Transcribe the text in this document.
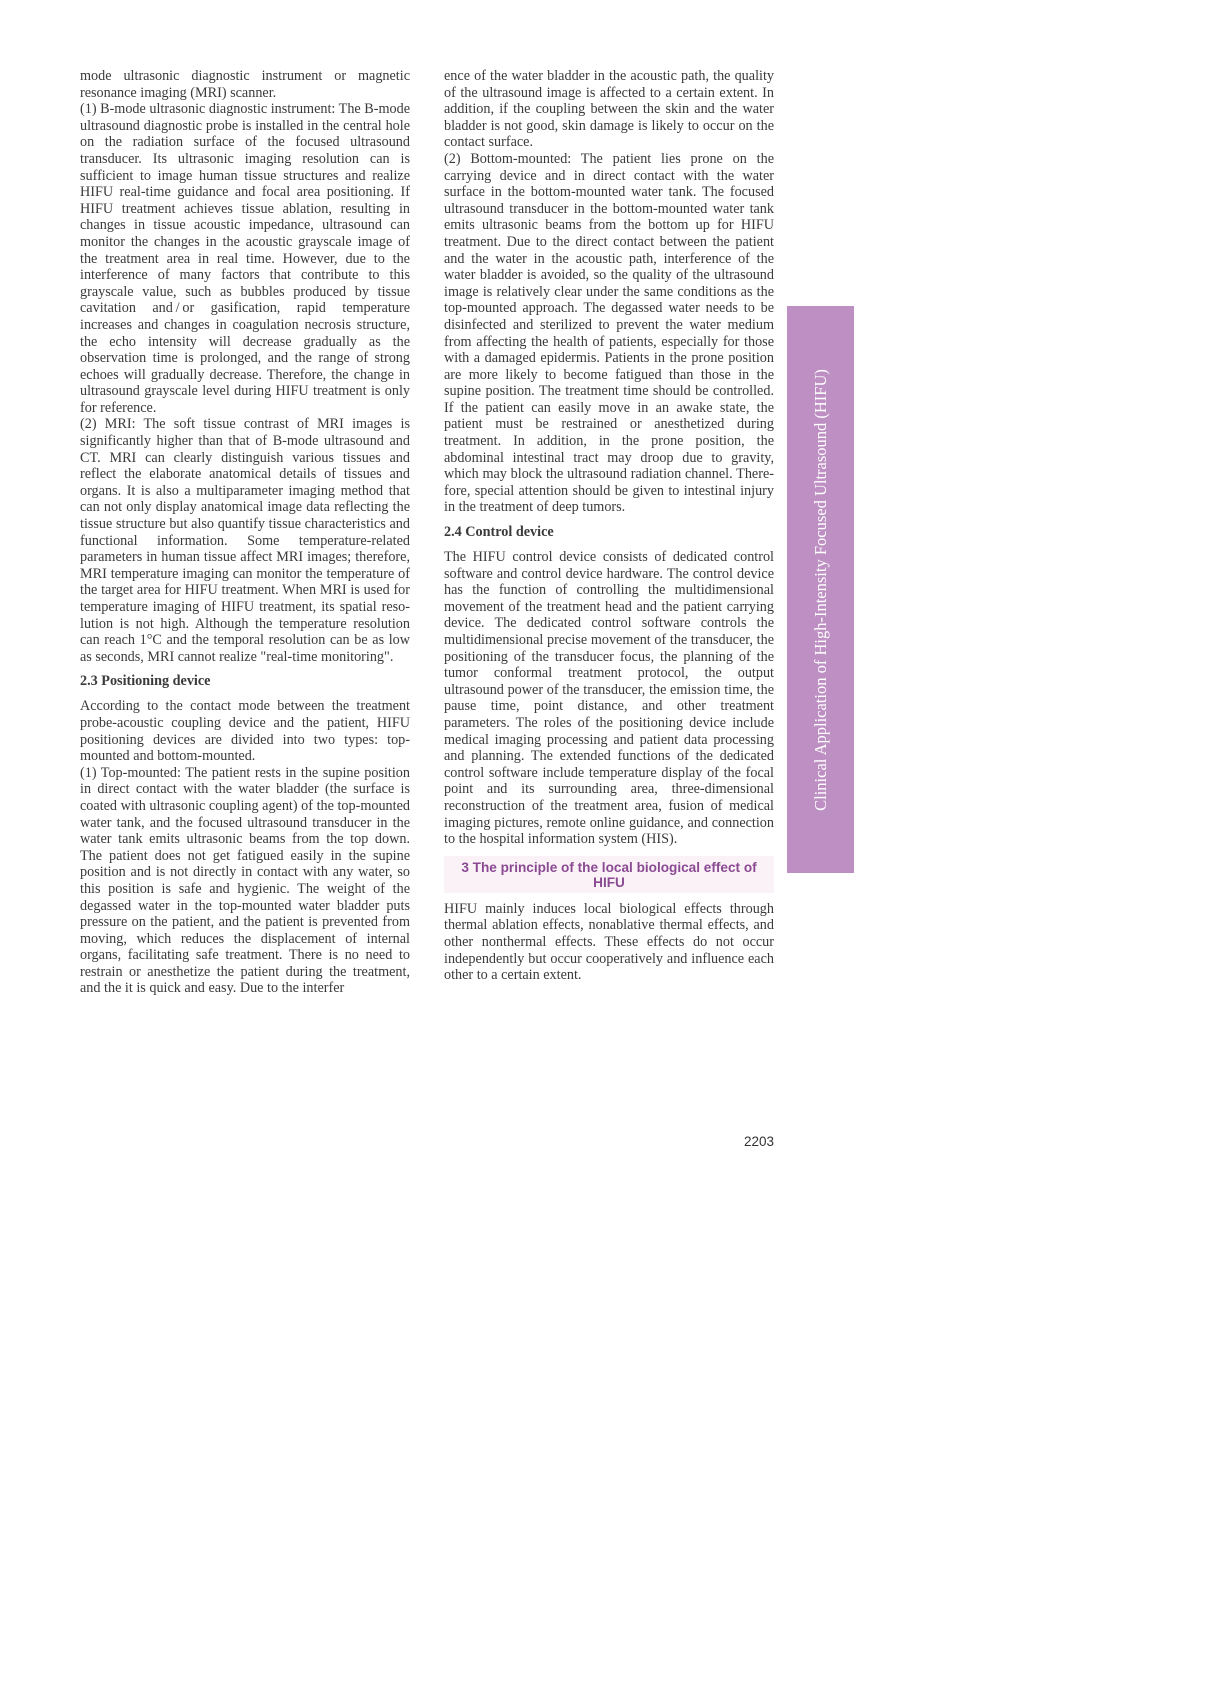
mode ultrasonic diagnostic instrument or magnetic resonance imaging (MRI) scanner.

(1) B-mode ultrasonic diagnostic instrument: The B-mode ultrasound diagnostic probe is installed in the central hole on the radiation surface of the focused ultrasound transducer. Its ultrasonic imaging resolution can is sufficient to image human tissue structures and realize HIFU real-time guidance and focal area positioning. If HIFU treatment achieves tissue ablation, resulting in changes in tissue acoustic impedance, ultrasound can monitor the changes in the acoustic grayscale image of the treatment area in real time. However, due to the interference of many factors that contribute to this grayscale value, such as bubbles produced by tissue cavitation and / or gasification, rapid temperature increases and changes in coagulation necrosis structure, the echo intensity will decrease gradually as the observation time is prolonged, and the range of strong echoes will gradually decrease. Therefore, the change in ultrasound grayscale level during HIFU treatment is only for reference.

(2) MRI: The soft tissue contrast of MRI images is significantly higher than that of B-mode ultrasound and CT. MRI can clearly distinguish various tissues and reflect the elaborate anatomical details of tissues and organs. It is also a multiparameter imaging method that can not only display anatomical image data reflecting the tissue structure but also quantify tissue characteristics and functional information. Some temperature-related parameters in human tissue affect MRI images; therefore, MRI temperature imaging can monitor the temperature of the target area for HIFU treatment. When MRI is used for temperature imaging of HIFU treatment, its spatial resolution is not high. Although the temperature resolution can reach 1°C and the temporal resolution can be as low as seconds, MRI cannot realize "real-time monitoring".

2.3 Positioning device

According to the contact mode between the treatment probe-acoustic coupling device and the patient, HIFU positioning devices are divided into two types: top-mounted and bottom-mounted.

(1) Top-mounted: The patient rests in the supine position in direct contact with the water bladder (the surface is coated with ultrasonic coupling agent) of the top-mounted water tank, and the focused ultrasound transducer in the water tank emits ultrasonic beams from the top down. The patient does not get fatigued easily in the supine position and is not directly in contact with any water, so this position is safe and hygienic. The weight of the degassed water in the top-mounted water bladder puts pressure on the patient, and the patient is prevented from moving, which reduces the displacement of internal organs, facilitating safe treatment. There is no need to restrain or anesthetize the patient during the treatment, and the it is quick and easy. Due to the interfer

ence of the water bladder in the acoustic path, the quality of the ultrasound image is affected to a certain extent. In addition, if the coupling between the skin and the water bladder is not good, skin damage is likely to occur on the contact surface.

(2) Bottom-mounted: The patient lies prone on the carrying device and in direct contact with the water surface in the bottom-mounted water tank. The focused ultrasound transducer in the bottom-mounted water tank emits ultrasonic beams from the bottom up for HIFU treatment. Due to the direct contact between the patient and the water in the acoustic path, interference of the water bladder is avoided, so the quality of the ultrasound image is relatively clear under the same conditions as the top-mounted approach. The degassed water needs to be disinfected and sterilized to prevent the water medium from affecting the health of patients, especially for those with a damaged epidermis. Patients in the prone position are more likely to become fatigued than those in the supine position. The treatment time should be controlled. If the patient can easily move in an awake state, the patient must be restrained or anesthetized during treatment. In addition, in the prone position, the abdominal intestinal tract may droop due to gravity, which may block the ultrasound radiation channel. Therefore, special attention should be given to intestinal injury in the treatment of deep tumors.

2.4 Control device

The HIFU control device consists of dedicated control software and control device hardware. The control device has the function of controlling the multidimensional movement of the treatment head and the patient carrying device. The dedicated control software controls the multidimensional precise movement of the transducer, the positioning of the transducer focus, the planning of the tumor conformal treatment protocol, the output ultrasound power of the transducer, the emission time, the pause time, point distance, and other treatment parameters. The roles of the positioning device include medical imaging processing and patient data processing and planning. The extended functions of the dedicated control software include temperature display of the focal point and its surrounding area, three-dimensional reconstruction of the treatment area, fusion of medical imaging pictures, remote online guidance, and connection to the hospital information system (HIS).

3 The principle of the local biological effect of HIFU

HIFU mainly induces local biological effects through thermal ablation effects, nonablative thermal effects, and other nonthermal effects. These effects do not occur independently but occur cooperatively and influence each other to a certain extent.

2203
Clinical Application of High-Intensity Focused Ultrasound (HIFU)
